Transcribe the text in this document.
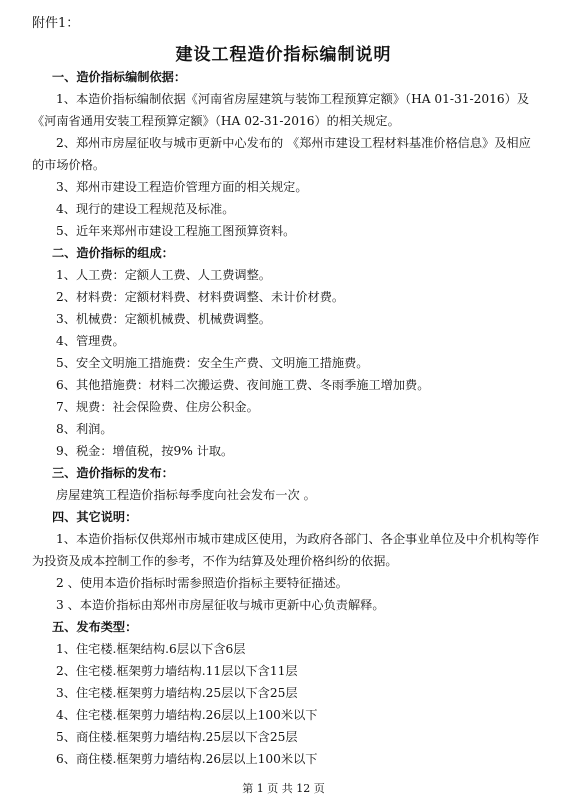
附件1：
建设工程造价指标编制说明
一、造价指标编制依据：
1、本造价指标编制依据《河南省房屋建筑与装饰工程预算定额》（HA 01-31-2016）及《河南省通用安装工程预算定额》（HA 02-31-2016）的相关规定。
2、郑州市房屋征收与城市更新中心发布的 《郑州市建设工程材料基准价格信息》及相应的市场价格。
3、郑州市建设工程造价管理方面的相关规定。
4、现行的建设工程规范及标准。
5、近年来郑州市建设工程施工图预算资料。
二、造价指标的组成：
1、人工费：定额人工费、人工费调整。
2、材料费：定额材料费、材料费调整、未计价材费。
3、机械费：定额机械费、机械费调整。
4、管理费。
5、安全文明施工措施费：安全生产费、文明施工措施费。
6、其他措施费：材料二次搬运费、夜间施工费、冬雨季施工增加费。
7、规费：社会保险费、住房公积金。
8、利润。
9、税金：增值税，按9% 计取。
三、造价指标的发布：
房屋建筑工程造价指标每季度向社会发布一次 。
四、其它说明：
1、本造价指标仅供郑州市城市建成区使用，为政府各部门、各企事业单位及中介机构等作为投资及成本控制工作的参考，不作为结算及处理价格纠纷的依据。
2 、使用本造价指标时需参照造价指标主要特征描述。
3 、本造价指标由郑州市房屋征收与城市更新中心负责解释。
五、发布类型：
1、住宅楼.框架结构.6层以下含6层
2、住宅楼.框架剪力墙结构.11层以下含11层
3、住宅楼.框架剪力墙结构.25层以下含25层
4、住宅楼.框架剪力墙结构.26层以上100米以下
5、商住楼.框架剪力墙结构.25层以下含25层
6、商住楼.框架剪力墙结构.26层以上100米以下
第 1 页 共 12 页
